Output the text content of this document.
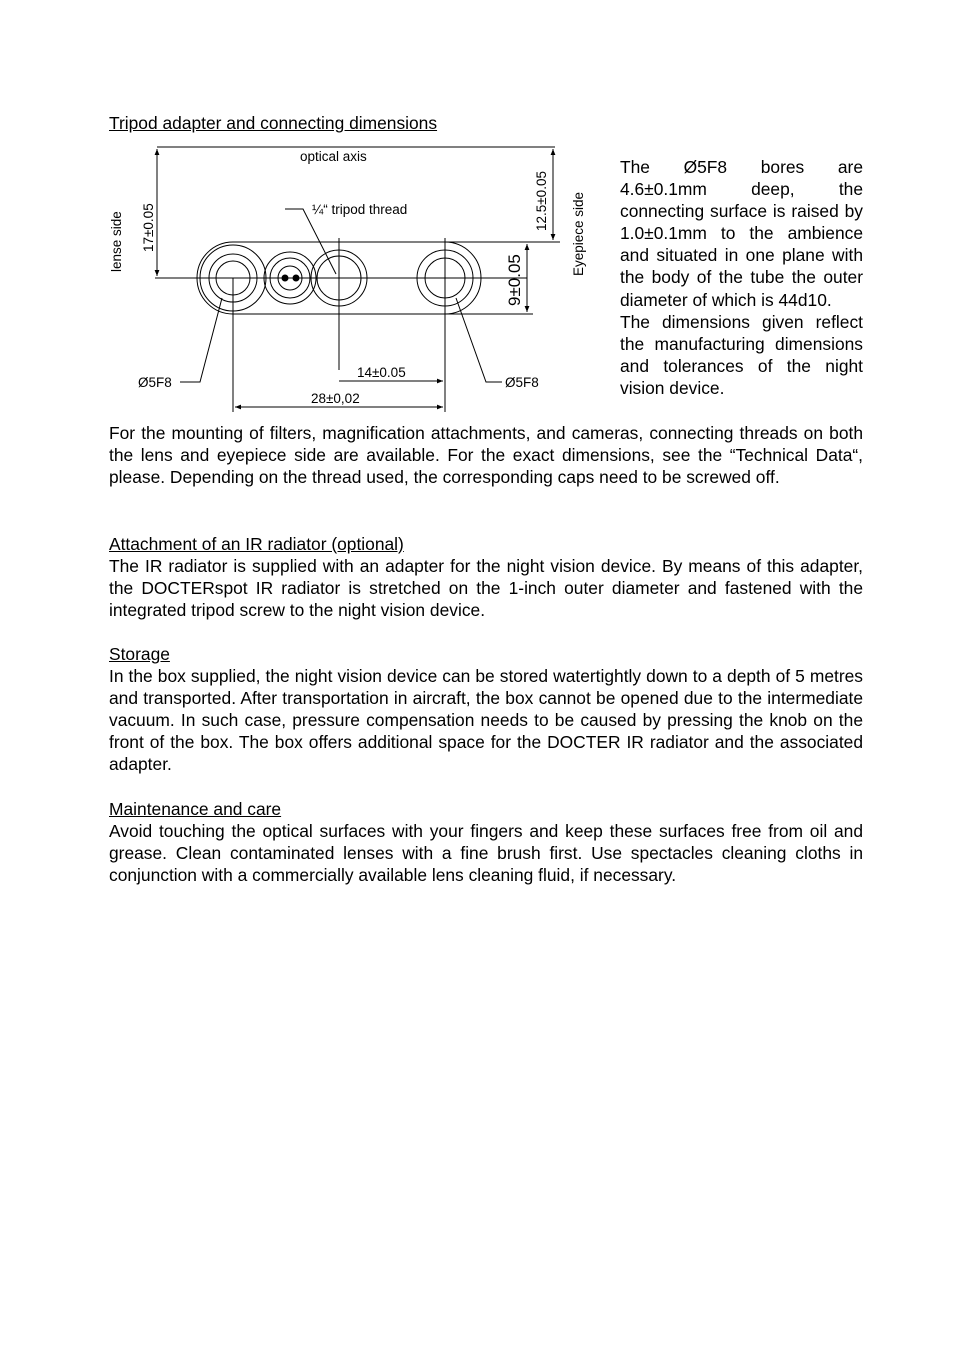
Tripod adapter and connecting dimensions
optical axis
17±0.05
lense side
¼“ tripod thread	12.5±0.05 Eyepiece side
9±0.05
Ø5F8	Ø5F8
14±0.05
28±0,02

The Ø5F8 bores are 4.6±0.1mm deep, the connecting surface is raised by 1.0±0.1mm to the ambience and situated in one plane with the body of the tube the outer diameter of which is 44d10.

The dimensions given reflect the manufacturing dimensions and tolerances of the night vision device.

For the mounting of filters, magnification attachments, and cameras, connecting threads on both the lens and eyepiece side are available. For the exact dimensions, see the “Technical Data“, please. Depending on the thread used, the corresponding caps need to be screwed off.
Attachment of an IR radiator (optional)
The IR radiator is supplied with an adapter for the night vision device. By means of this adapter, the DOCTERspot IR radiator is stretched on the 1-inch outer diameter and fastened with the integrated tripod screw to the night vision device.
Storage
In the box supplied, the night vision device can be stored watertightly down to a depth of 5 metres and transported. After transportation in aircraft, the box cannot be opened due to the intermediate vacuum. In such case, pressure compensation needs to be caused by pressing the knob on the front of the box. The box offers additional space for the DOCTER IR radiator and the associated adapter.
Maintenance and care
Avoid touching the optical surfaces with your fingers and keep these surfaces free from oil and grease. Clean contaminated lenses with a fine brush first. Use spectacles cleaning cloths in conjunction with a commercially available lens cleaning fluid, if necessary.
